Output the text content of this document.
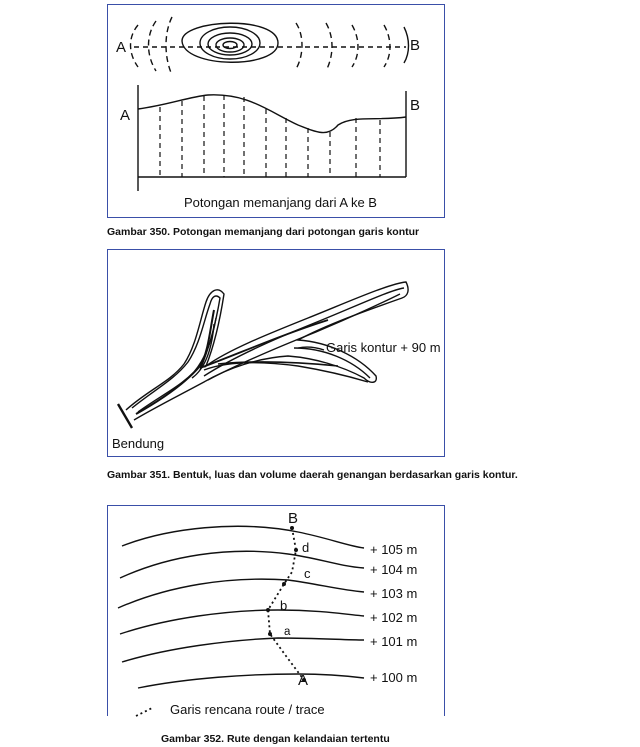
A	B
A
B
Potongan memanjang dari A ke B
Gambar 350. Potongan memanjang dari potongan garis kontur
Garis kontur + 90 m
Bendung
Gambar 351. Bentuk, luas dan volume daerah genangan berdasarkan garis kontur.
B
d
c
b
a
A
+ 105 m
+ 104 m
+ 103 m
+ 102 m
+ 101 m
+ 100 m
Garis rencana route / trace
Gambar 352. Rute dengan kelandaian tertentu
